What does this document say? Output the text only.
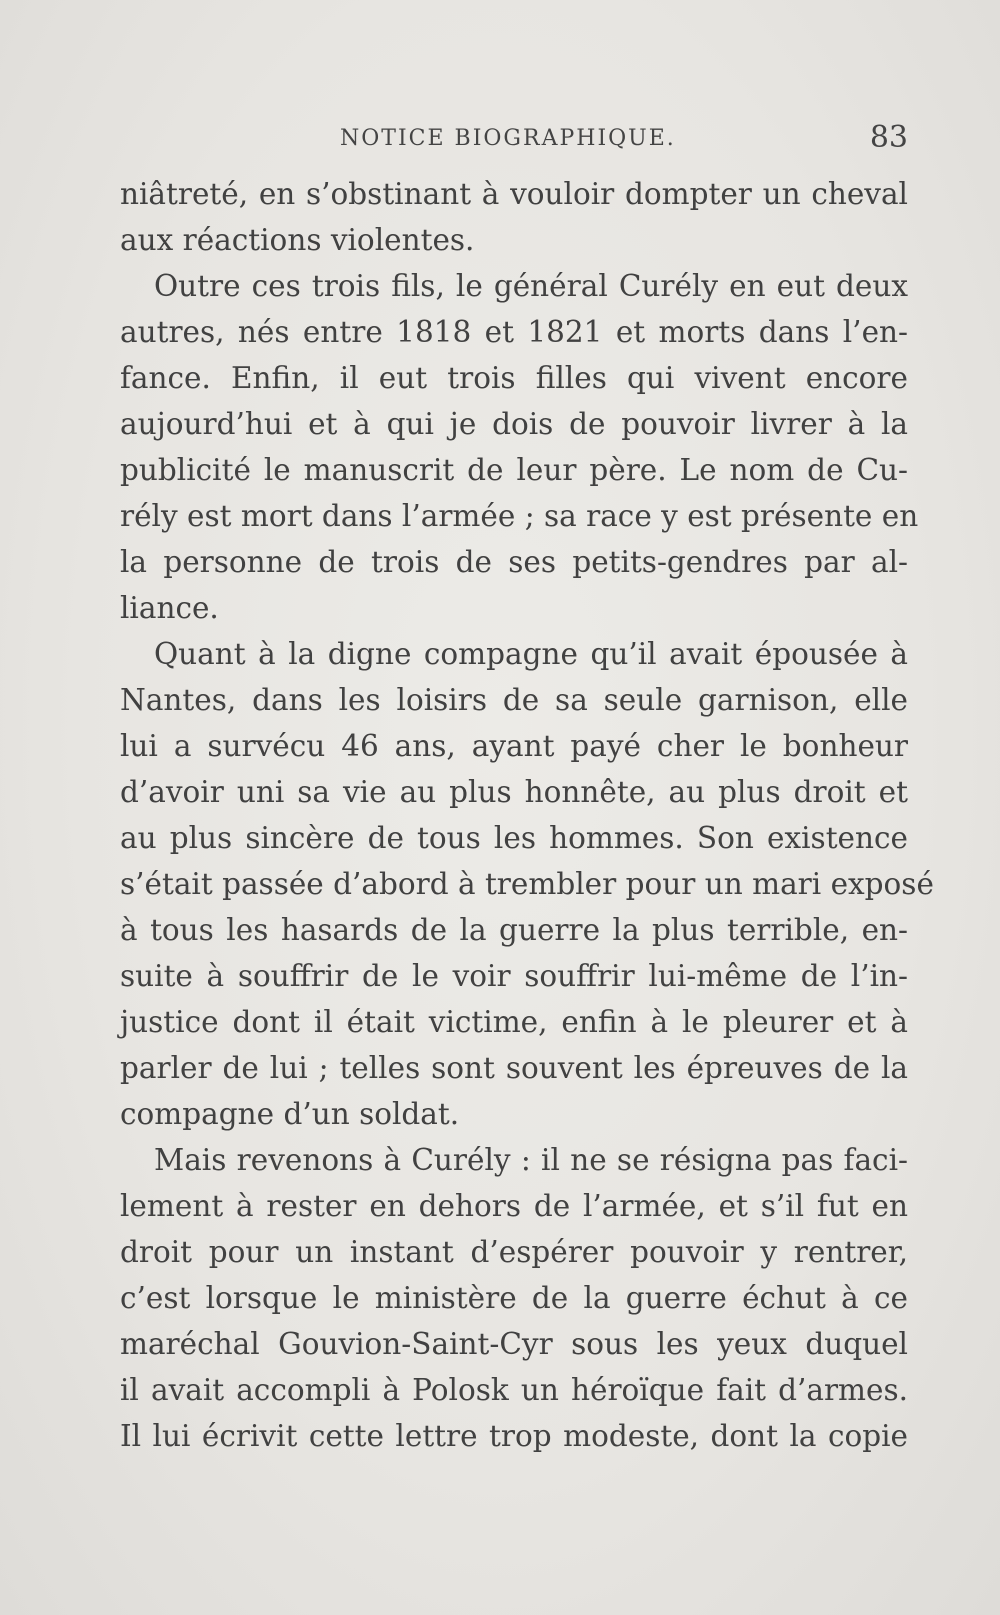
NOTICE BIOGRAPHIQUE.	83
niâtreté, en s’obstinant à vouloir dompter un cheval
aux réactions violentes.
Outre ces trois fils, le général Curély en eut deux
autres, nés entre 1818 et 1821 et morts dans l’en-
fance. Enfin, il eut trois filles qui vivent encore
aujourd’hui et à qui je dois de pouvoir livrer à la
publicité le manuscrit de leur père. Le nom de Cu-
rély est mort dans l’armée ; sa race y est présente en
la personne de trois de ses petits-gendres par al-
liance.
Quant à la digne compagne qu’il avait épousée à
Nantes, dans les loisirs de sa seule garnison, elle
lui a survécu 46 ans, ayant payé cher le bonheur
d’avoir uni sa vie au plus honnête, au plus droit et
au plus sincère de tous les hommes. Son existence
s’était passée d’abord à trembler pour un mari exposé
à tous les hasards de la guerre la plus terrible, en-
suite à souffrir de le voir souffrir lui-même de l’in-
justice dont il était victime, enfin à le pleurer et à
parler de lui ; telles sont souvent les épreuves de la
compagne d’un soldat.
Mais revenons à Curély : il ne se résigna pas faci-
lement à rester en dehors de l’armée, et s’il fut en
droit pour un instant d’espérer pouvoir y rentrer,
c’est lorsque le ministère de la guerre échut à ce
maréchal Gouvion-Saint-Cyr sous les yeux duquel
il avait accompli à Polosk un héroïque fait d’armes.
Il lui écrivit cette lettre trop modeste, dont la copie
